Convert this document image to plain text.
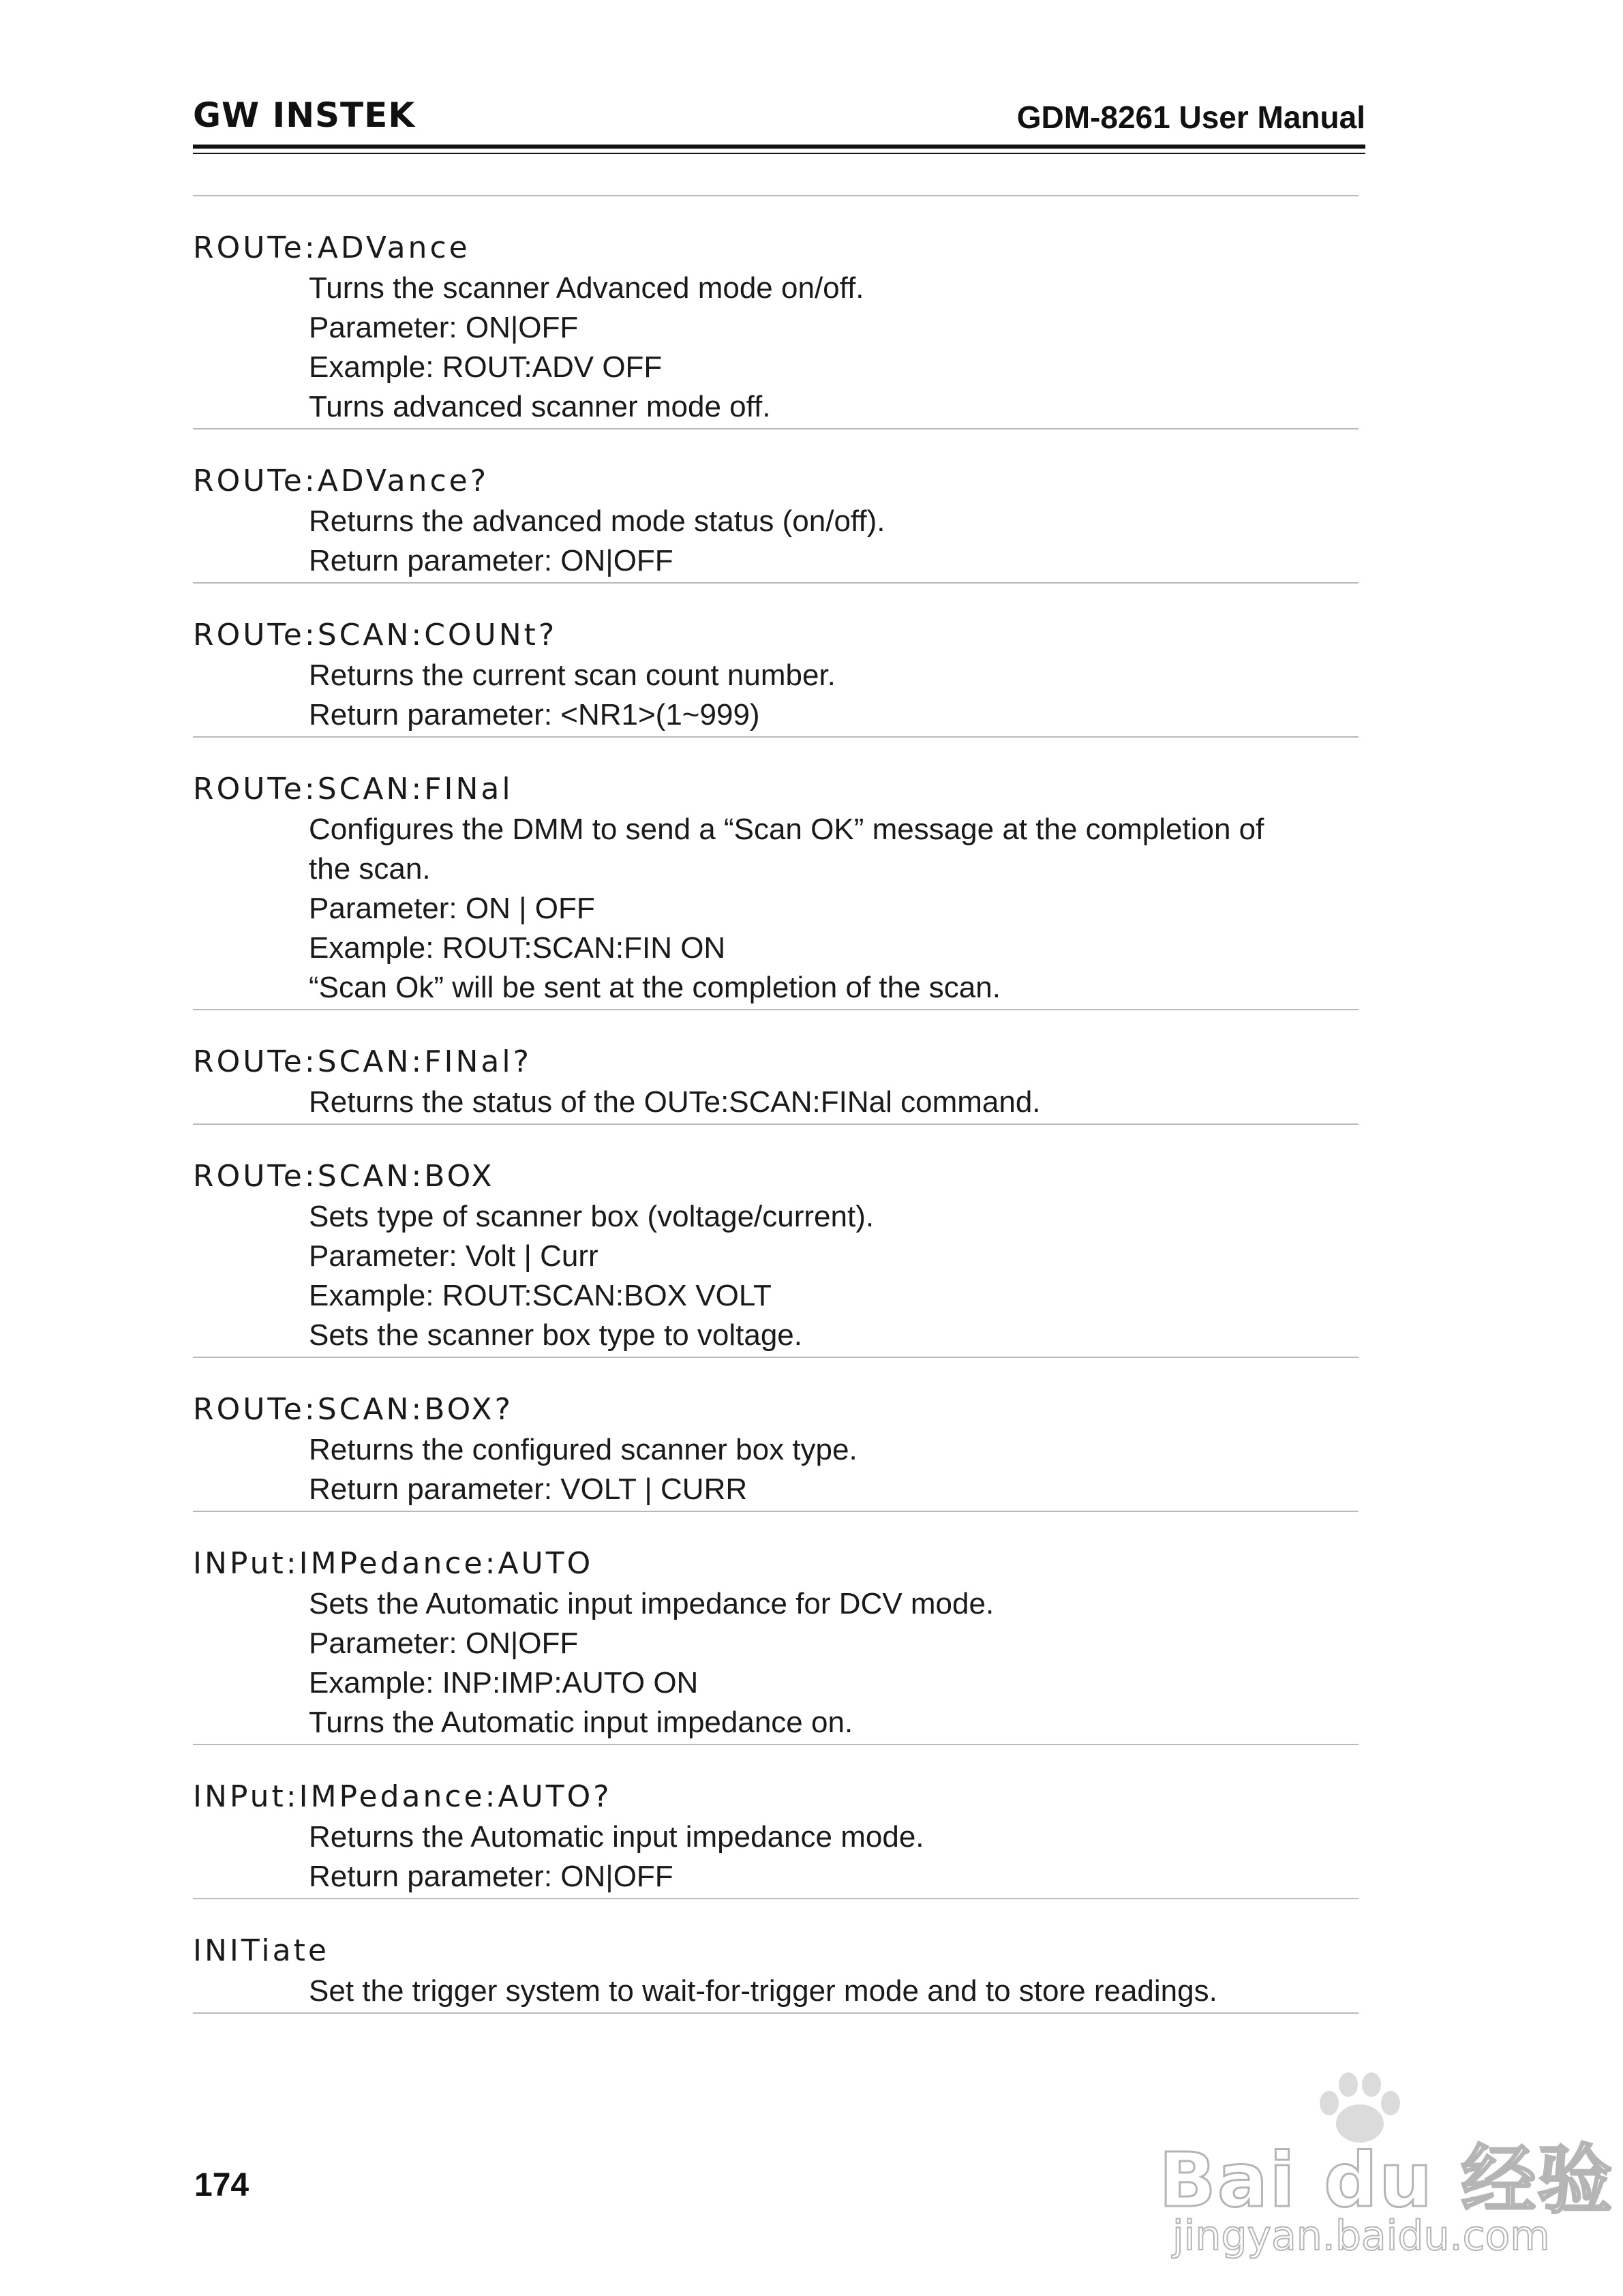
GW INSTEK	GDM-8261 User Manual
ROUTe:ADVance
Turns the scanner Advanced mode on/off.
Parameter: ON|OFF
Example: ROUT:ADV OFF
Turns advanced scanner mode off.
ROUTe:ADVance?
Returns the advanced mode status (on/off).
Return parameter: ON|OFF
ROUTe:SCAN:COUNt?
Returns the current scan count number.
Return parameter: <NR1>(1~999)
ROUTe:SCAN:FINal
Configures the DMM to send a “Scan OK” message at the completion of
the scan.
Parameter: ON | OFF
Example: ROUT:SCAN:FIN ON
“Scan Ok” will be sent at the completion of the scan.
ROUTe:SCAN:FINal?
Returns the status of the OUTe:SCAN:FINal command.
ROUTe:SCAN:BOX
Sets type of scanner box (voltage/current).
Parameter: Volt | Curr
Example: ROUT:SCAN:BOX VOLT
Sets the scanner box type to voltage.
ROUTe:SCAN:BOX?
Returns the configured scanner box type.
Return parameter: VOLT | CURR
INPut:IMPedance:AUTO
Sets the Automatic input impedance for DCV mode.
Parameter: ON|OFF
Example: INP:IMP:AUTO ON
Turns the Automatic input impedance on.
INPut:IMPedance:AUTO?
Returns the Automatic input impedance mode.
Return parameter: ON|OFF
INITiate
Set the trigger system to wait-for-trigger mode and to store readings.
174	Bai du 经验
jingyan.baidu.com
